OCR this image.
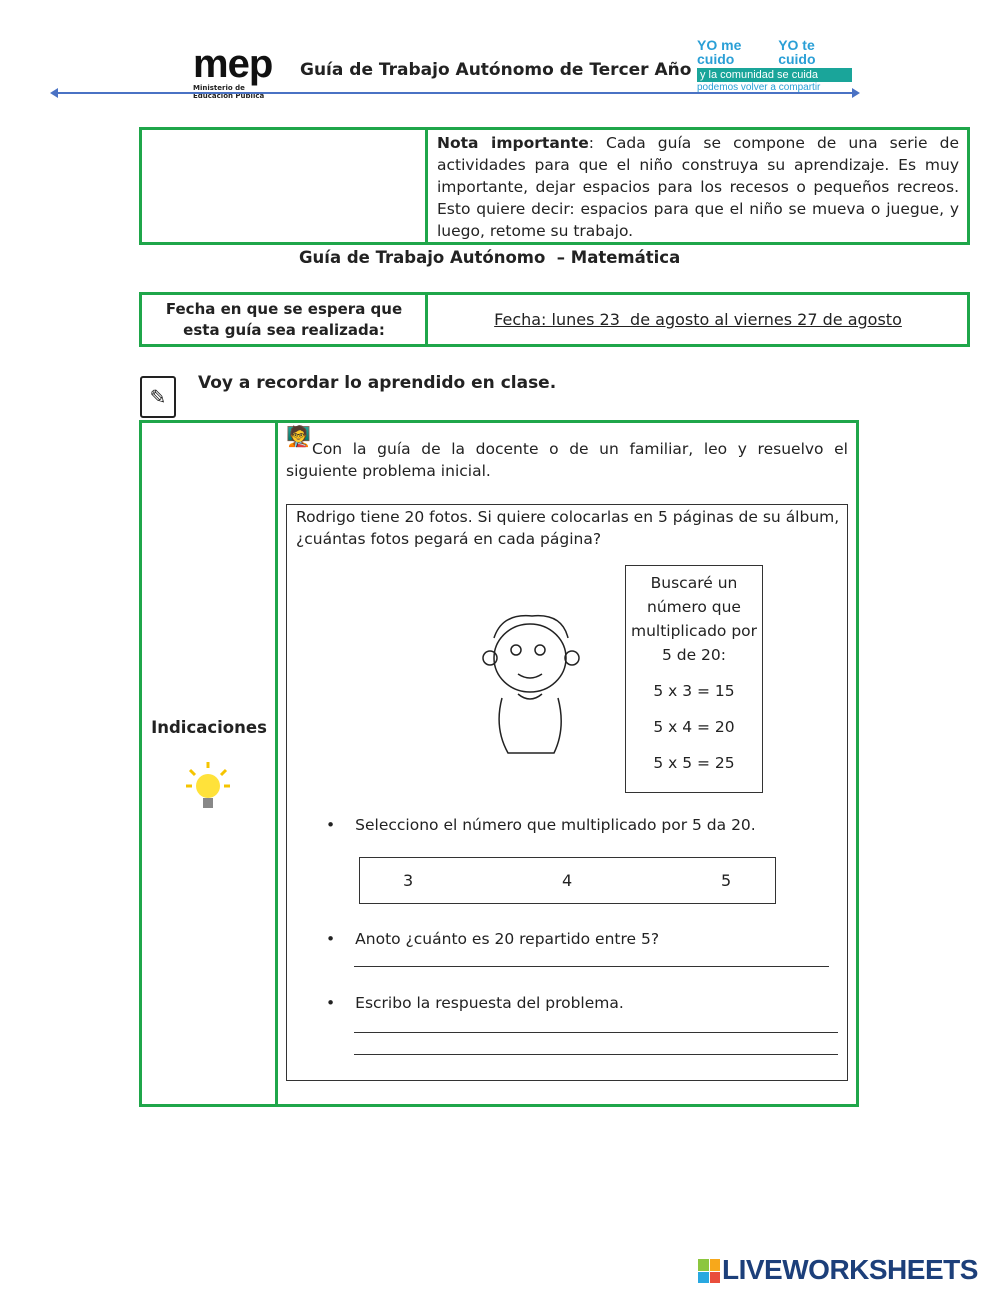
mep
Ministerio de
Educación Pública
Guía de Trabajo Autónomo de Tercer Año
YO me cuido
YO te cuido
y la comunidad se cuida
podemos volver a compartir
Nota importante: Cada guía se compone de una serie de actividades para que el niño construya su aprendizaje. Es muy importante, dejar espacios para los recesos o pequeños recreos. Esto quiere decir: espacios para que el niño se mueva o juegue, y luego, retome su trabajo.
Guía de Trabajo Autónomo  – Matemática
Fecha en que se espera que esta guía sea realizada:
Fecha: lunes 23  de agosto al viernes 27 de agosto
✎
Voy a recordar lo aprendido en clase.
Indicaciones
🧑‍🏫
Con la guía de la docente o de un familiar, leo y resuelvo el siguiente problema inicial.
Rodrigo tiene 20 fotos. Si quiere colocarlas en 5 páginas de su álbum, ¿cuántas fotos pegará en cada página?
Buscaré un número que multiplicado por 5 de 20:
5 x 3 = 15
5 x 4 = 20
5 x 5 = 25
• Selecciono el número que multiplicado por 5 da 20.
3	4	5
• Anoto ¿cuánto es 20 repartido entre 5?
• Escribo la respuesta del problema.
LIVEWORKSHEETS
